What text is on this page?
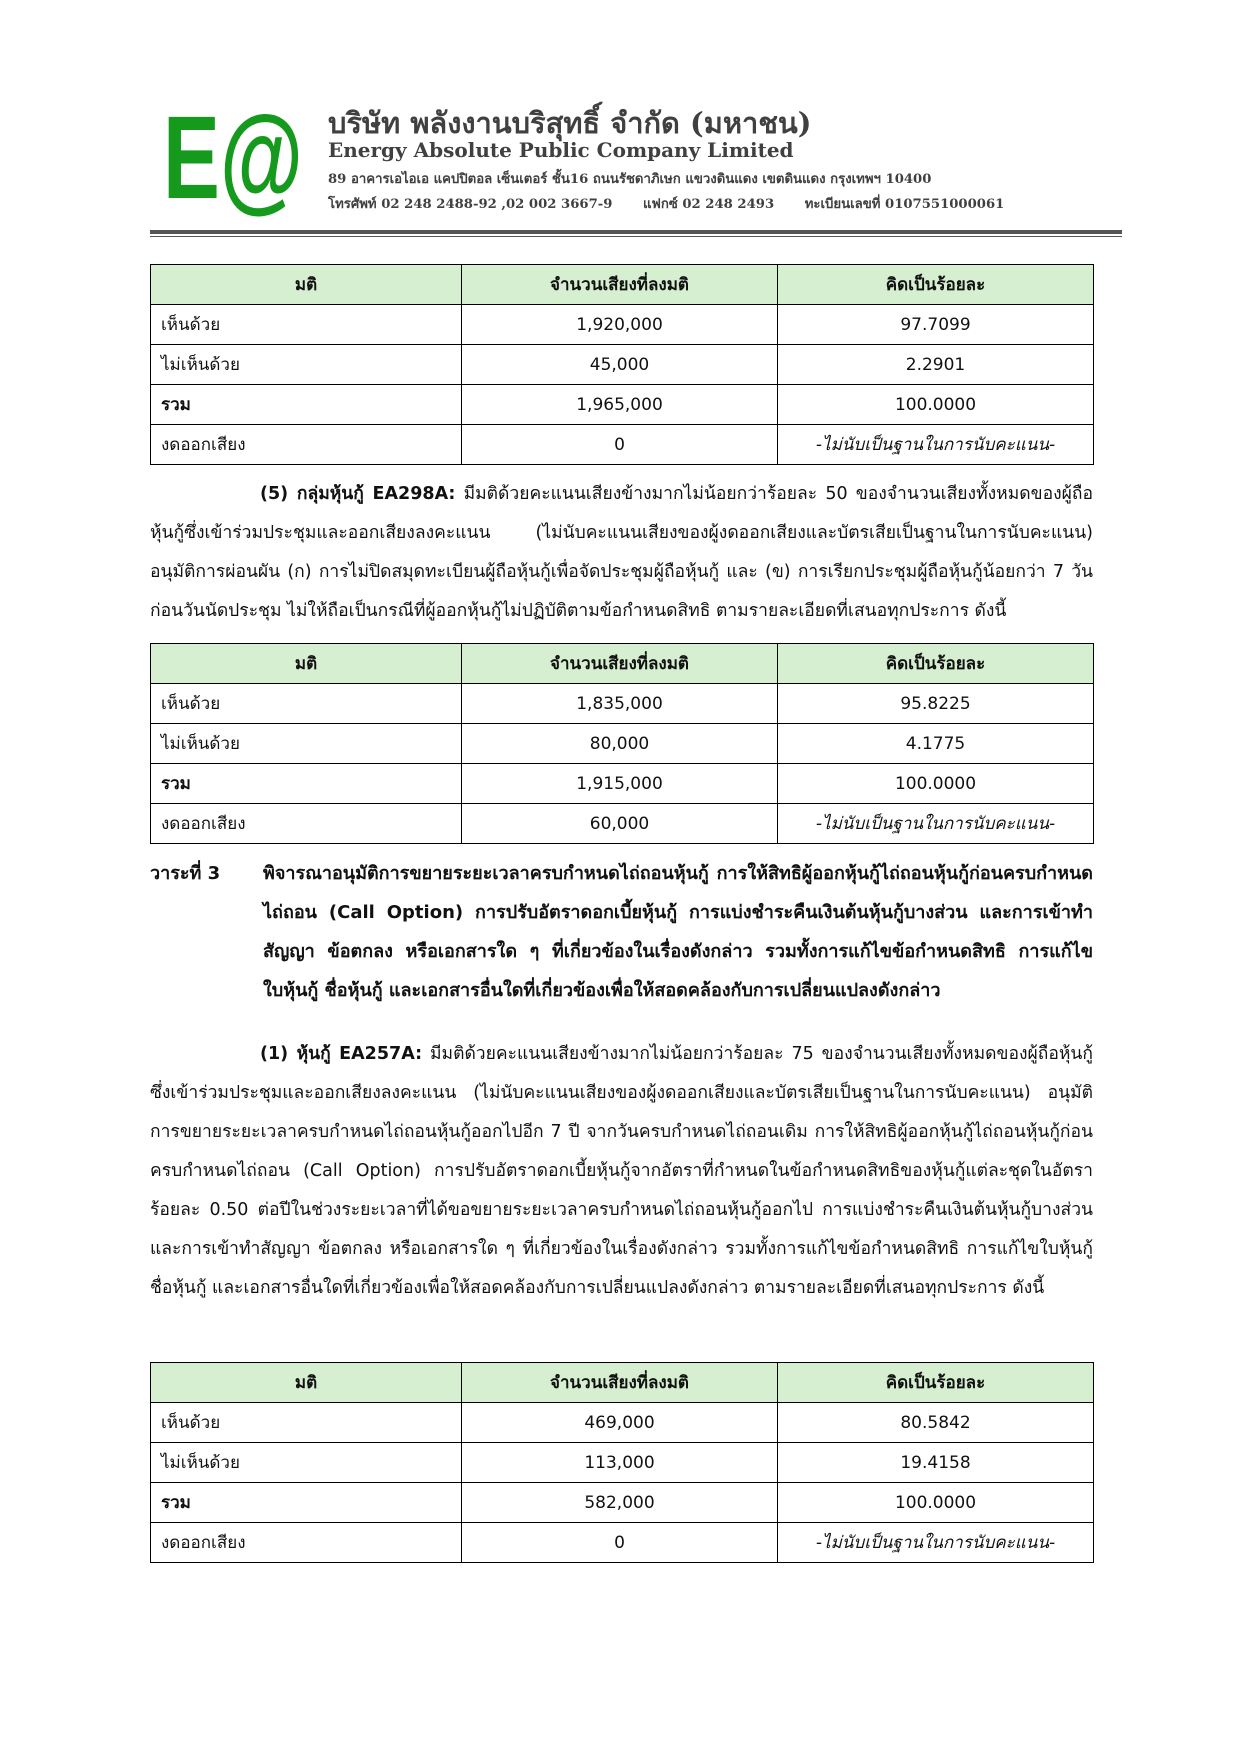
E@ บริษัท พลังงานบริสุทธิ์ จำกัด (มหาชน)
Energy Absolute Public Company Limited
89 อาคารเอไอเอ แคปปิตอล เซ็นเตอร์ ชั้น16 ถนนรัชดาภิเษก แขวงดินแดง เขตดินแดง กรุงเทพฯ 10400
โทรศัพท์ 02 248 2488-92 ,02 002 3667-9 แฟกซ์ 02 248 2493 ทะเบียนเลขที่ 0107551000061
มติ	จำนวนเสียงที่ลงมติ	คิดเป็นร้อยละ
เห็นด้วย	1,920,000	97.7099
ไม่เห็นด้วย	45,000	2.2901
รวม	1,965,000	100.0000
งดออกเสียง	0	-ไม่นับเป็นฐานในการนับคะแนน-
(5) กลุ่มหุ้นกู้ EA298A: มีมติด้วยคะแนนเสียงข้างมากไม่น้อยกว่าร้อยละ 50 ของจำนวนเสียงทั้งหมดของผู้ถือหุ้นกู้ซึ่งเข้าร่วมประชุมและออกเสียงลงคะแนน (ไม่นับคะแนนเสียงของผู้งดออกเสียงและบัตรเสียเป็นฐานในการนับคะแนน) อนุมัติการผ่อนผัน (ก) การไม่ปิดสมุดทะเบียนผู้ถือหุ้นกู้เพื่อจัดประชุมผู้ถือหุ้นกู้ และ (ข) การเรียกประชุมผู้ถือหุ้นกู้น้อยกว่า 7 วันก่อนวันนัดประชุม ไม่ให้ถือเป็นกรณีที่ผู้ออกหุ้นกู้ไม่ปฏิบัติตามข้อกำหนดสิทธิ ตามรายละเอียดที่เสนอทุกประการ ดังนี้
มติ	จำนวนเสียงที่ลงมติ	คิดเป็นร้อยละ
เห็นด้วย	1,835,000	95.8225
ไม่เห็นด้วย	80,000	4.1775
รวม	1,915,000	100.0000
งดออกเสียง	60,000	-ไม่นับเป็นฐานในการนับคะแนน-
วาระที่ 3 พิจารณาอนุมัติการขยายระยะเวลาครบกำหนดไถ่ถอนหุ้นกู้ การให้สิทธิผู้ออกหุ้นกู้ไถ่ถอนหุ้นกู้ก่อนครบกำหนดไถ่ถอน (Call Option) การปรับอัตราดอกเบี้ยหุ้นกู้ การแบ่งชำระคืนเงินต้นหุ้นกู้บางส่วน และการเข้าทำสัญญา ข้อตกลง หรือเอกสารใด ๆ ที่เกี่ยวข้องในเรื่องดังกล่าว รวมทั้งการแก้ไขข้อกำหนดสิทธิ การแก้ไขใบหุ้นกู้ ชื่อหุ้นกู้ และเอกสารอื่นใดที่เกี่ยวข้องเพื่อให้สอดคล้องกับการเปลี่ยนแปลงดังกล่าว
(1) หุ้นกู้ EA257A: มีมติด้วยคะแนนเสียงข้างมากไม่น้อยกว่าร้อยละ 75 ของจำนวนเสียงทั้งหมดของผู้ถือหุ้นกู้ซึ่งเข้าร่วมประชุมและออกเสียงลงคะแนน (ไม่นับคะแนนเสียงของผู้งดออกเสียงและบัตรเสียเป็นฐานในการนับคะแนน) อนุมัติการขยายระยะเวลาครบกำหนดไถ่ถอนหุ้นกู้ออกไปอีก 7 ปี จากวันครบกำหนดไถ่ถอนเดิม การให้สิทธิผู้ออกหุ้นกู้ไถ่ถอนหุ้นกู้ก่อนครบกำหนดไถ่ถอน (Call Option) การปรับอัตราดอกเบี้ยหุ้นกู้จากอัตราที่กำหนดในข้อกำหนดสิทธิของหุ้นกู้แต่ละชุดในอัตราร้อยละ 0.50 ต่อปีในช่วงระยะเวลาที่ได้ขอขยายระยะเวลาครบกำหนดไถ่ถอนหุ้นกู้ออกไป การแบ่งชำระคืนเงินต้นหุ้นกู้บางส่วน และการเข้าทำสัญญา ข้อตกลง หรือเอกสารใด ๆ ที่เกี่ยวข้องในเรื่องดังกล่าว รวมทั้งการแก้ไขข้อกำหนดสิทธิ การแก้ไขใบหุ้นกู้ ชื่อหุ้นกู้ และเอกสารอื่นใดที่เกี่ยวข้องเพื่อให้สอดคล้องกับการเปลี่ยนแปลงดังกล่าว ตามรายละเอียดที่เสนอทุกประการ ดังนี้
มติ	จำนวนเสียงที่ลงมติ	คิดเป็นร้อยละ
เห็นด้วย	469,000	80.5842
ไม่เห็นด้วย	113,000	19.4158
รวม	582,000	100.0000
งดออกเสียง	0	-ไม่นับเป็นฐานในการนับคะแนน-
